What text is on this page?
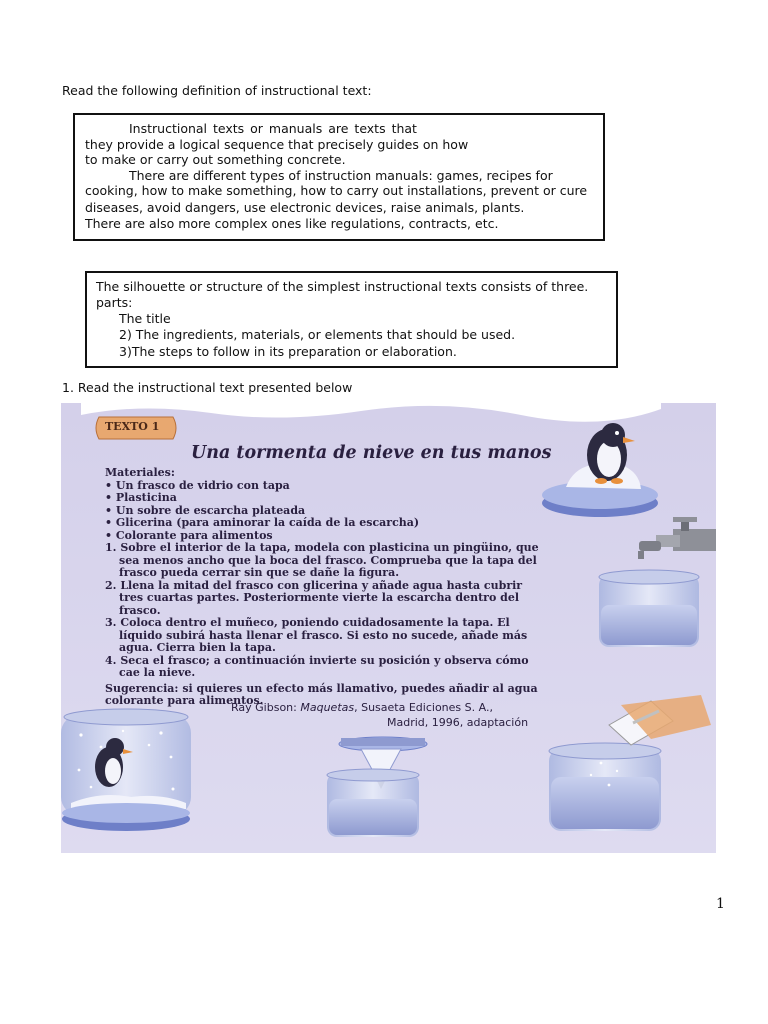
Read the following definition of instructional text:
Instructional texts or manuals are texts that
they provide a logical sequence that precisely guides on how
to make or carry out something concrete.
There are different types of instruction manuals: games, recipes for
cooking, how to make something, how to carry out installations, prevent or cure
diseases, avoid dangers, use electronic devices, raise animals, plants.
There are also more complex ones like regulations, contracts, etc.
The silhouette or structure of the simplest instructional texts consists of three.
parts:
The title
2) The ingredients, materials, or elements that should be used.
3)The steps to follow in its preparation or elaboration.
1. Read the instructional text presented below
TEXTO 1
Una tormenta de nieve en tus manos
Materiales:
• Un frasco de vidrio con tapa
• Plasticina
• Un sobre de escarcha plateada
• Glicerina (para aminorar la caída de la escarcha)
• Colorante para alimentos
1. Sobre el interior de la tapa, modela con plasticina un pingüino, que
sea menos ancho que la boca del frasco. Comprueba que la tapa del
frasco pueda cerrar sin que se dañe la figura.
2. Llena la mitad del frasco con glicerina y añade agua hasta cubrir
tres cuartas partes. Posteriormente vierte la escarcha dentro del
frasco.
3. Coloca dentro el muñeco, poniendo cuidadosamente la tapa. El
líquido subirá hasta llenar el frasco. Si esto no sucede, añade más
agua. Cierra bien la tapa.
4. Seca el frasco; a continuación invierte su posición y observa cómo
cae la nieve.
Sugerencia: si quieres un efecto más llamativo, puedes añadir al agua
colorante para alimentos.
Ray Gibson: Maquetas, Susaeta Ediciones S. A.,
Madrid, 1996, adaptación
1
